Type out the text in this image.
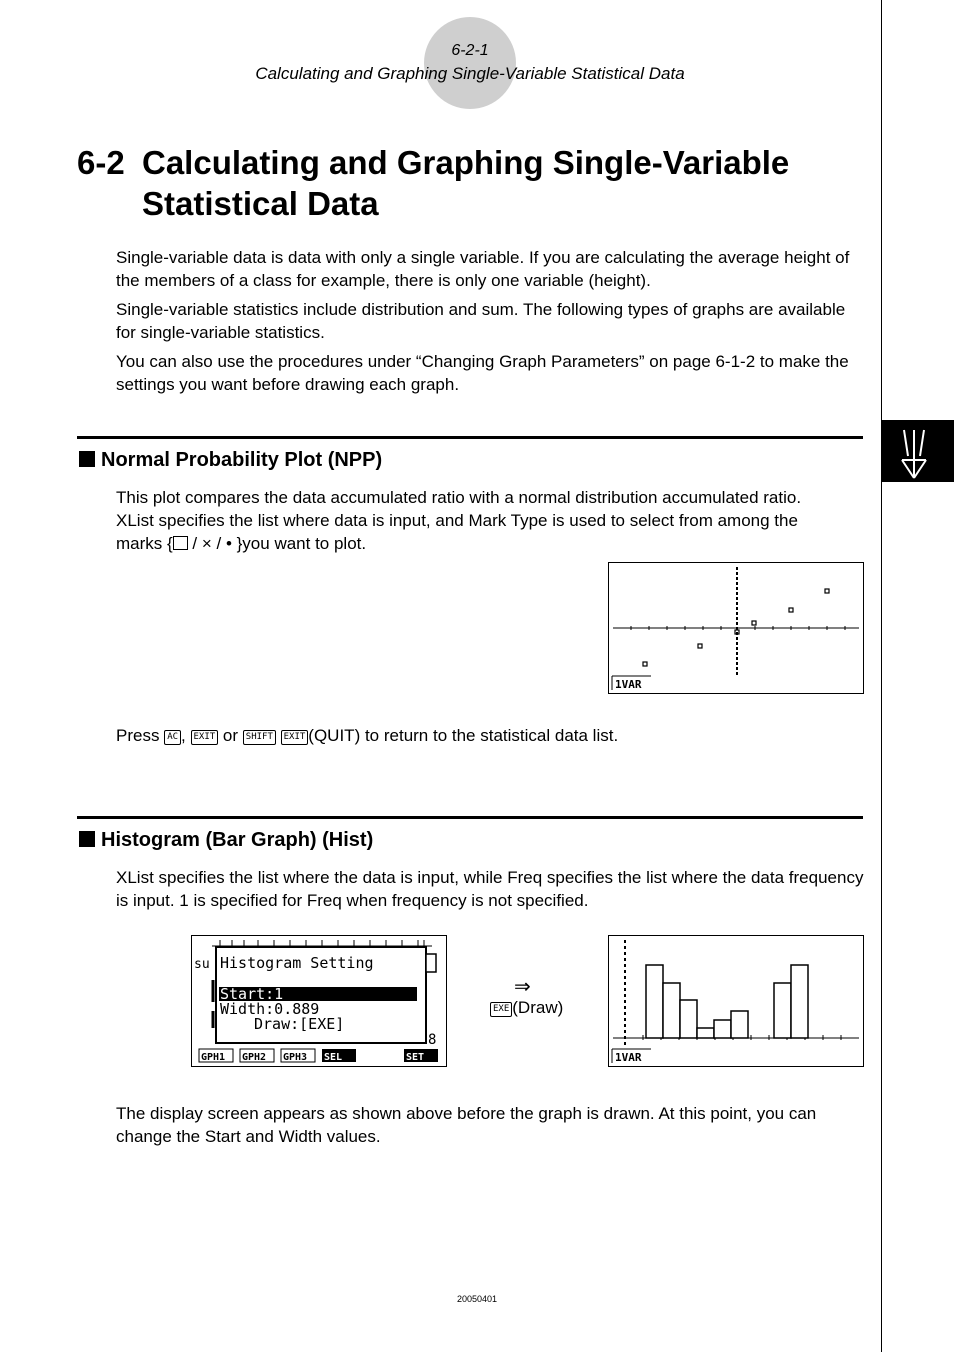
6-2-1
Calculating and Graphing Single-Variable Statistical Data
6-2 Calculating and Graphing Single-Variable
Statistical Data
Single-variable data is data with only a single variable. If you are calculating the average height of the members of a class for example, there is only one variable (height).
Single-variable statistics include distribution and sum. The following types of graphs are available for single-variable statistics.
You can also use the procedures under “Changing Graph Parameters” on page 6-1-2 to make the settings you want before drawing each graph.
Normal Probability Plot (NPP)
This plot compares the data accumulated ratio with a normal distribution accumulated ratio.
XList specifies the list where data is input, and Mark Type is used to select from among the
marks { / × / • }you want to plot.
1VAR
Press AC , EXIT or SHIFT EXIT (QUIT) to return to the statistical data list.
Histogram (Bar Graph) (Hist)
XList specifies the list where the data is input, while Freq specifies the list where the data frequency is input. 1 is specified for Freq when frequency is not specified.
su Histogram Setting
Start:1
Width:0.889
Draw:[EXE]
8
GPH1 GPH2 GPH3 SEL	SET
⇒
EXE (Draw)
1VAR
The display screen appears as shown above before the graph is drawn. At this point, you can change the Start and Width values.
20050401
